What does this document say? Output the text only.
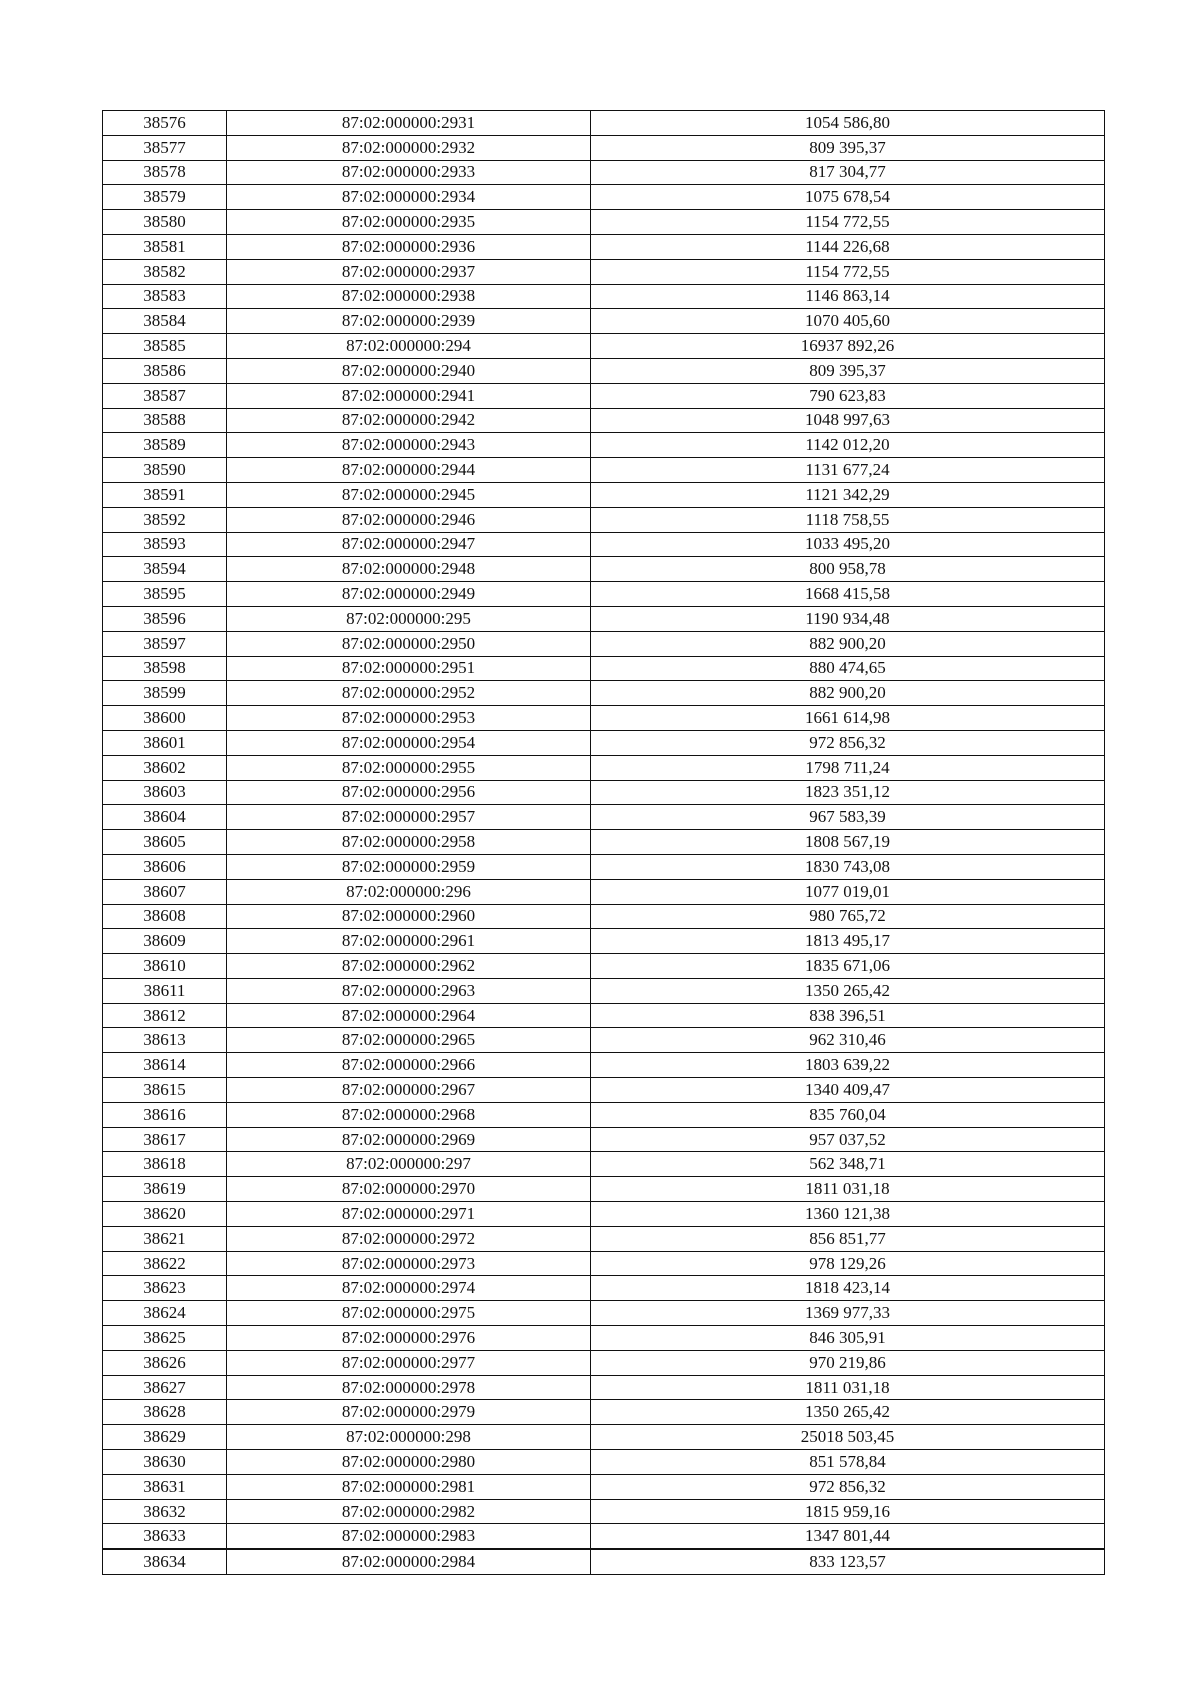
38576	87:02:000000:2931	1054 586,80
38577	87:02:000000:2932	809 395,37
38578	87:02:000000:2933	817 304,77
38579	87:02:000000:2934	1075 678,54
38580	87:02:000000:2935	1154 772,55
38581	87:02:000000:2936	1144 226,68
38582	87:02:000000:2937	1154 772,55
38583	87:02:000000:2938	1146 863,14
38584	87:02:000000:2939	1070 405,60
38585	87:02:000000:294	16937 892,26
38586	87:02:000000:2940	809 395,37
38587	87:02:000000:2941	790 623,83
38588	87:02:000000:2942	1048 997,63
38589	87:02:000000:2943	1142 012,20
38590	87:02:000000:2944	1131 677,24
38591	87:02:000000:2945	1121 342,29
38592	87:02:000000:2946	1118 758,55
38593	87:02:000000:2947	1033 495,20
38594	87:02:000000:2948	800 958,78
38595	87:02:000000:2949	1668 415,58
38596	87:02:000000:295	1190 934,48
38597	87:02:000000:2950	882 900,20
38598	87:02:000000:2951	880 474,65
38599	87:02:000000:2952	882 900,20
38600	87:02:000000:2953	1661 614,98
38601	87:02:000000:2954	972 856,32
38602	87:02:000000:2955	1798 711,24
38603	87:02:000000:2956	1823 351,12
38604	87:02:000000:2957	967 583,39
38605	87:02:000000:2958	1808 567,19
38606	87:02:000000:2959	1830 743,08
38607	87:02:000000:296	1077 019,01
38608	87:02:000000:2960	980 765,72
38609	87:02:000000:2961	1813 495,17
38610	87:02:000000:2962	1835 671,06
38611	87:02:000000:2963	1350 265,42
38612	87:02:000000:2964	838 396,51
38613	87:02:000000:2965	962 310,46
38614	87:02:000000:2966	1803 639,22
38615	87:02:000000:2967	1340 409,47
38616	87:02:000000:2968	835 760,04
38617	87:02:000000:2969	957 037,52
38618	87:02:000000:297	562 348,71
38619	87:02:000000:2970	1811 031,18
38620	87:02:000000:2971	1360 121,38
38621	87:02:000000:2972	856 851,77
38622	87:02:000000:2973	978 129,26
38623	87:02:000000:2974	1818 423,14
38624	87:02:000000:2975	1369 977,33
38625	87:02:000000:2976	846 305,91
38626	87:02:000000:2977	970 219,86
38627	87:02:000000:2978	1811 031,18
38628	87:02:000000:2979	1350 265,42
38629	87:02:000000:298	25018 503,45
38630	87:02:000000:2980	851 578,84
38631	87:02:000000:2981	972 856,32
38632	87:02:000000:2982	1815 959,16
38633	87:02:000000:2983	1347 801,44
38634	87:02:000000:2984	833 123,57
